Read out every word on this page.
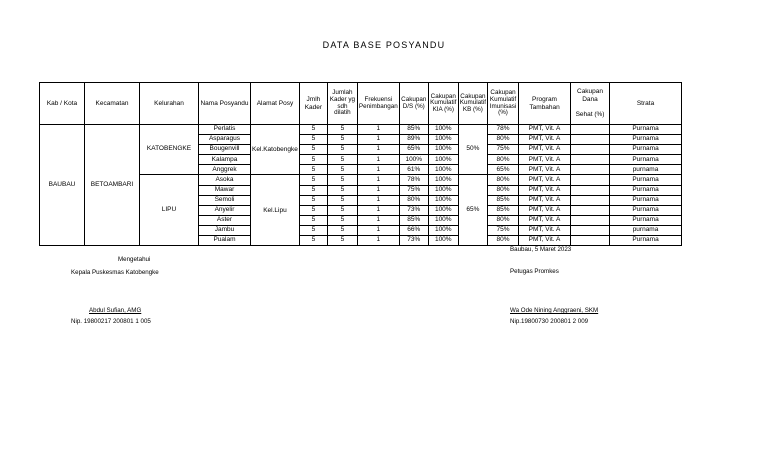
DATA BASE POSYANDU
Kab / Kota	Kecamatan	Kelurahan	Nama Posyandu	Alamat Posy	Jmlh Kader	Jumlah Kader yg sdh dilatih	Frekuensi Penimbangan	Cakupan D/S (%)	Cakupan Kumulatif KIA (%)	Cakupan Kumulatif KB (%)	Cakupan Kumulatif Imunisasi (%)	Program Tambahan	Cakupan Dana
Sehat (%)	Strata
BAUBAU	BETOAMBARI	KATOBENGKE	Perlatis	Kel.Katobengke	5	5	1	85%	100%	50%	78%	PMT, Vit. A		Purnama
			Asparagus		5	5	1	89%	100%		80%	PMT, Vit. A		Purnama
			Bougenvill		5	5	1	65%	100%		75%	PMT, Vit. A		Purnama
			Kalampa		5	5	1	100%	100%		80%	PMT, Vit. A		Purnama
			Anggrek		5	5	1	61%	100%		65%	PMT, Vit. A		purnama
		LIPU	Asoka	Kel.Lipu	5	5	1	78%	100%	65%	80%	PMT, Vit. A		Purnama
			Mawar		5	5	1	75%	100%		80%	PMT, Vit. A		Purnama
			Semoli		5	5	1	80%	100%		85%	PMT, Vit. A		Purnama
			Anyelir		5	5	1	73%	100%		85%	PMT, Vit. A		Purnama
			Aster		5	5	1	85%	100%		80%	PMT, Vit. A		Purnama
			Jambu		5	5	1	66%	100%		75%	PMT, Vit. A		purnama
			Pualam		5	5	1	73%	100%		80%	PMT, Vit. A		Purnama
Mengetahui
Kepala Puskesmas Katobengke
Abdul Sufian, AMG
Nip. 19800217 200801 1 005
Baubau, 5 Maret 2023
Petugas Promkes
Wa Ode Nining Anggraeni, SKM
Nip.19800730 200801 2 009
